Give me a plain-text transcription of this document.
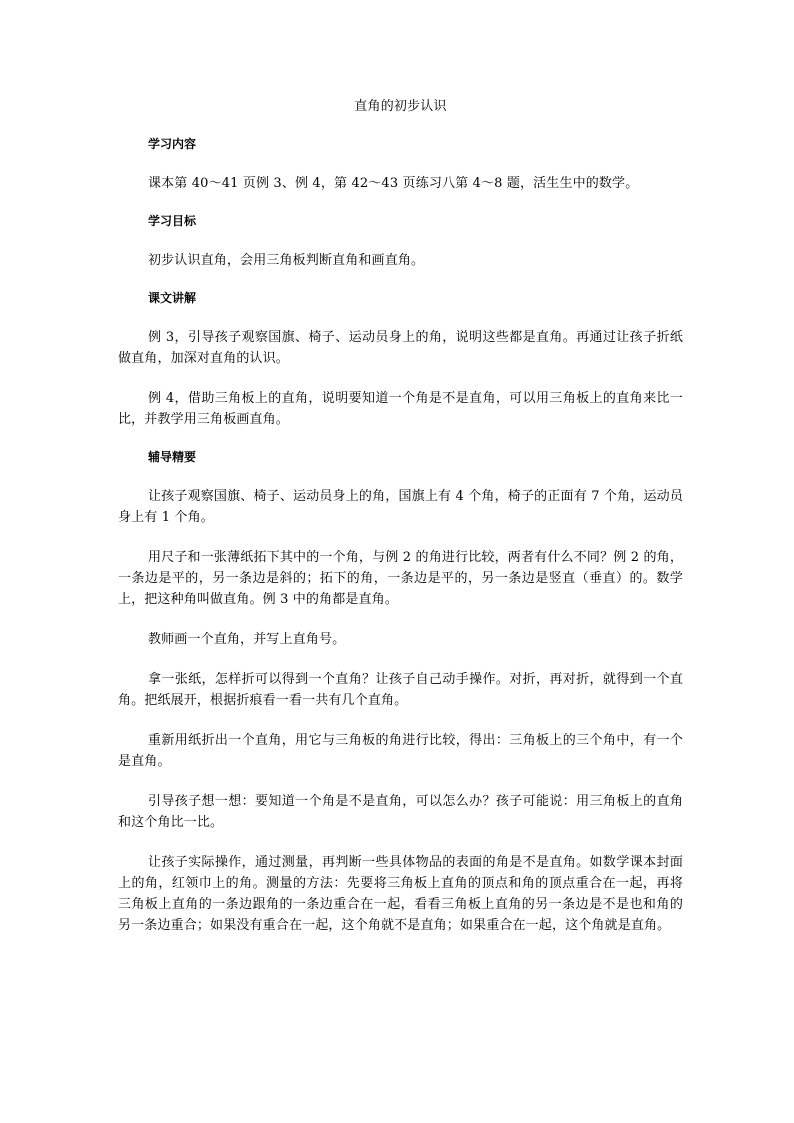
直角的初步认识
学习内容

课本第 40～41 页例 3、例 4，第 42～43 页练习八第 4～8 题，活生生中的数学。

学习目标

初步认识直角，会用三角板判断直角和画直角。

课文讲解

例 3，引导孩子观察国旗、椅子、运动员身上的角，说明这些都是直角。再通过让孩子折纸做直角，加深对直角的认识。

例 4，借助三角板上的直角，说明要知道一个角是不是直角，可以用三角板上的直角来比一比，并教学用三角板画直角。

辅导精要

让孩子观察国旗、椅子、运动员身上的角，国旗上有 4 个角，椅子的正面有 7 个角，运动员身上有 1 个角。

用尺子和一张薄纸拓下其中的一个角，与例 2 的角进行比较，两者有什么不同？例 2 的角，一条边是平的，另一条边是斜的；拓下的角，一条边是平的，另一条边是竖直（垂直）的。数学上，把这种角叫做直角。例 3 中的角都是直角。

教师画一个直角，并写上直角号。

拿一张纸，怎样折可以得到一个直角？让孩子自己动手操作。对折，再对折，就得到一个直角。把纸展开，根据折痕看一看一共有几个直角。

重新用纸折出一个直角，用它与三角板的角进行比较，得出：三角板上的三个角中，有一个是直角。

引导孩子想一想：要知道一个角是不是直角，可以怎么办？孩子可能说：用三角板上的直角和这个角比一比。

让孩子实际操作，通过测量，再判断一些具体物品的表面的角是不是直角。如数学课本封面上的角，红领巾上的角。测量的方法：先要将三角板上直角的顶点和角的顶点重合在一起，再将三角板上直角的一条边跟角的一条边重合在一起，看看三角板上直角的另一条边是不是也和角的另一条边重合；如果没有重合在一起，这个角就不是直角；如果重合在一起，这个角就是直角。
